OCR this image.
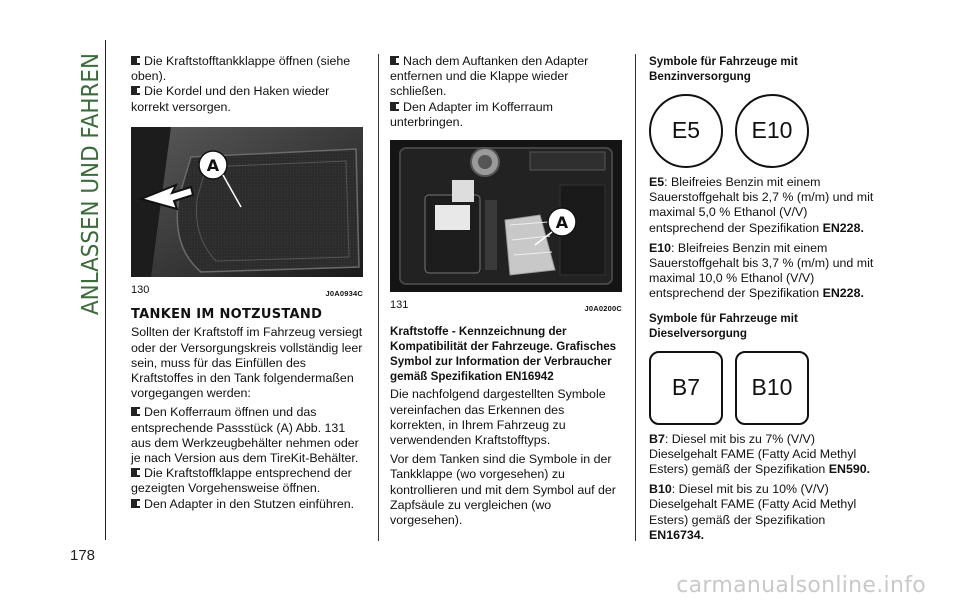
ANLASSEN UND FAHREN
178

Die Kraftstofftankklappe öffnen (siehe oben).

Die Kordel und den Haken wieder korrekt versorgen.

A
130	J0A0934C
TANKEN IM NOTZUSTAND

Sollten der Kraftstoff im Fahrzeug versiegt oder der Versorgungskreis vollständig leer sein, muss für das Einfüllen des Kraftstoffes in den Tank folgendermaßen vorgegangen werden:

Den Kofferraum öffnen und das entsprechende Passstück (A) Abb. 131 aus dem Werkzeugbehälter nehmen oder je nach Version aus dem TireKit-Behälter.

Die Kraftstoffklappe entsprechend der gezeigten Vorgehensweise öffnen.

Den Adapter in den Stutzen einführen.

Nach dem Auftanken den Adapter entfernen und die Klappe wieder schließen.

Den Adapter im Kofferraum unterbringen.

A
131	J0A0200C
Kraftstoffe - Kennzeichnung der Kompatibilität der Fahrzeuge. Grafisches Symbol zur Information der Verbraucher gemäß Spezifikation EN16942

Die nachfolgend dargestellten Symbole vereinfachen das Erkennen des korrekten, in Ihrem Fahrzeug zu verwendenden Kraftstofftyps.

Vor dem Tanken sind die Symbole in der Tankklappe (wo vorgesehen) zu kontrollieren und mit dem Symbol auf der Zapfsäule zu vergleichen (wo vorgesehen).

Symbole für Fahrzeuge mit Benzinversorgung
E5	E10

E5: Bleifreies Benzin mit einem Sauerstoffgehalt bis 2,7 % (m/m) und mit maximal 5,0 % Ethanol (V/V) entsprechend der Spezifikation EN228.

E10: Bleifreies Benzin mit einem Sauerstoffgehalt bis 3,7 % (m/m) und mit maximal 10,0 % Ethanol (V/V) entsprechend der Spezifikation EN228.

Symbole für Fahrzeuge mit Dieselversorgung
B7	B10

B7: Diesel mit bis zu 7% (V/V) Dieselgehalt FAME (Fatty Acid Methyl Esters) gemäß der Spezifikation EN590.

B10: Diesel mit bis zu 10% (V/V) Dieselgehalt FAME (Fatty Acid Methyl Esters) gemäß der Spezifikation EN16734.

carmanualsonline.info
